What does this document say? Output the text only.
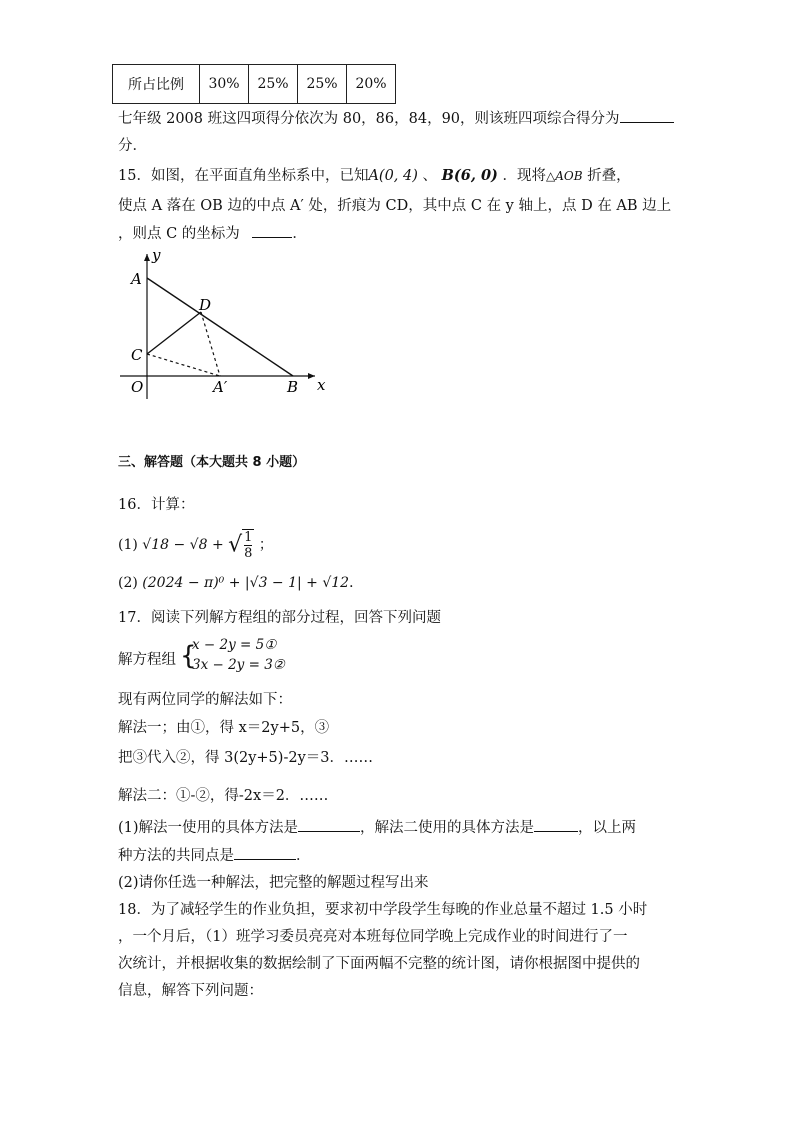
所占比例	30%	25%	25%	20%
七年级 2008 班这四项得分依次为 80，86，84，90，则该班四项综合得分为
分．
15．如图，在平面直角坐标系中，已知A(0, 4) 、 B(6, 0) ．现将△AOB 折叠，
使点 A 落在 OB 边的中点 A′ 处，折痕为 CD，其中点 C 在 y 轴上，点 D 在 AB 边上
，则点 C 的坐标为	．
y
x
A
D
C
O	A′	B
三、解答题（本大题共 8 小题）
16．计算：
(1) √18 − √8 + √ $\frac{1}{8}$ ；
(2) (2024 − π)⁰ + |√3 − 1| + √12．
17．阅读下列解方程组的部分过程，回答下列问题
解方程组 {
x − 2y = 5①
3x − 2y = 3②
现有两位同学的解法如下：
解法一；由①，得 x＝2y+5，③
把③代入②，得 3(2y+5)-2y＝3．……
解法二：①-②，得-2x＝2．……
(1)解法一使用的具体方法是	，解法二使用的具体方法是	，以上两
种方法的共同点是	．
(2)请你任选一种解法，把完整的解题过程写出来
18．为了减轻学生的作业负担，要求初中学段学生每晚的作业总量不超过 1.5 小时
，一个月后，（1）班学习委员亮亮对本班每位同学晚上完成作业的时间进行了一
次统计，并根据收集的数据绘制了下面两幅不完整的统计图，请你根据图中提供的
信息，解答下列问题：
